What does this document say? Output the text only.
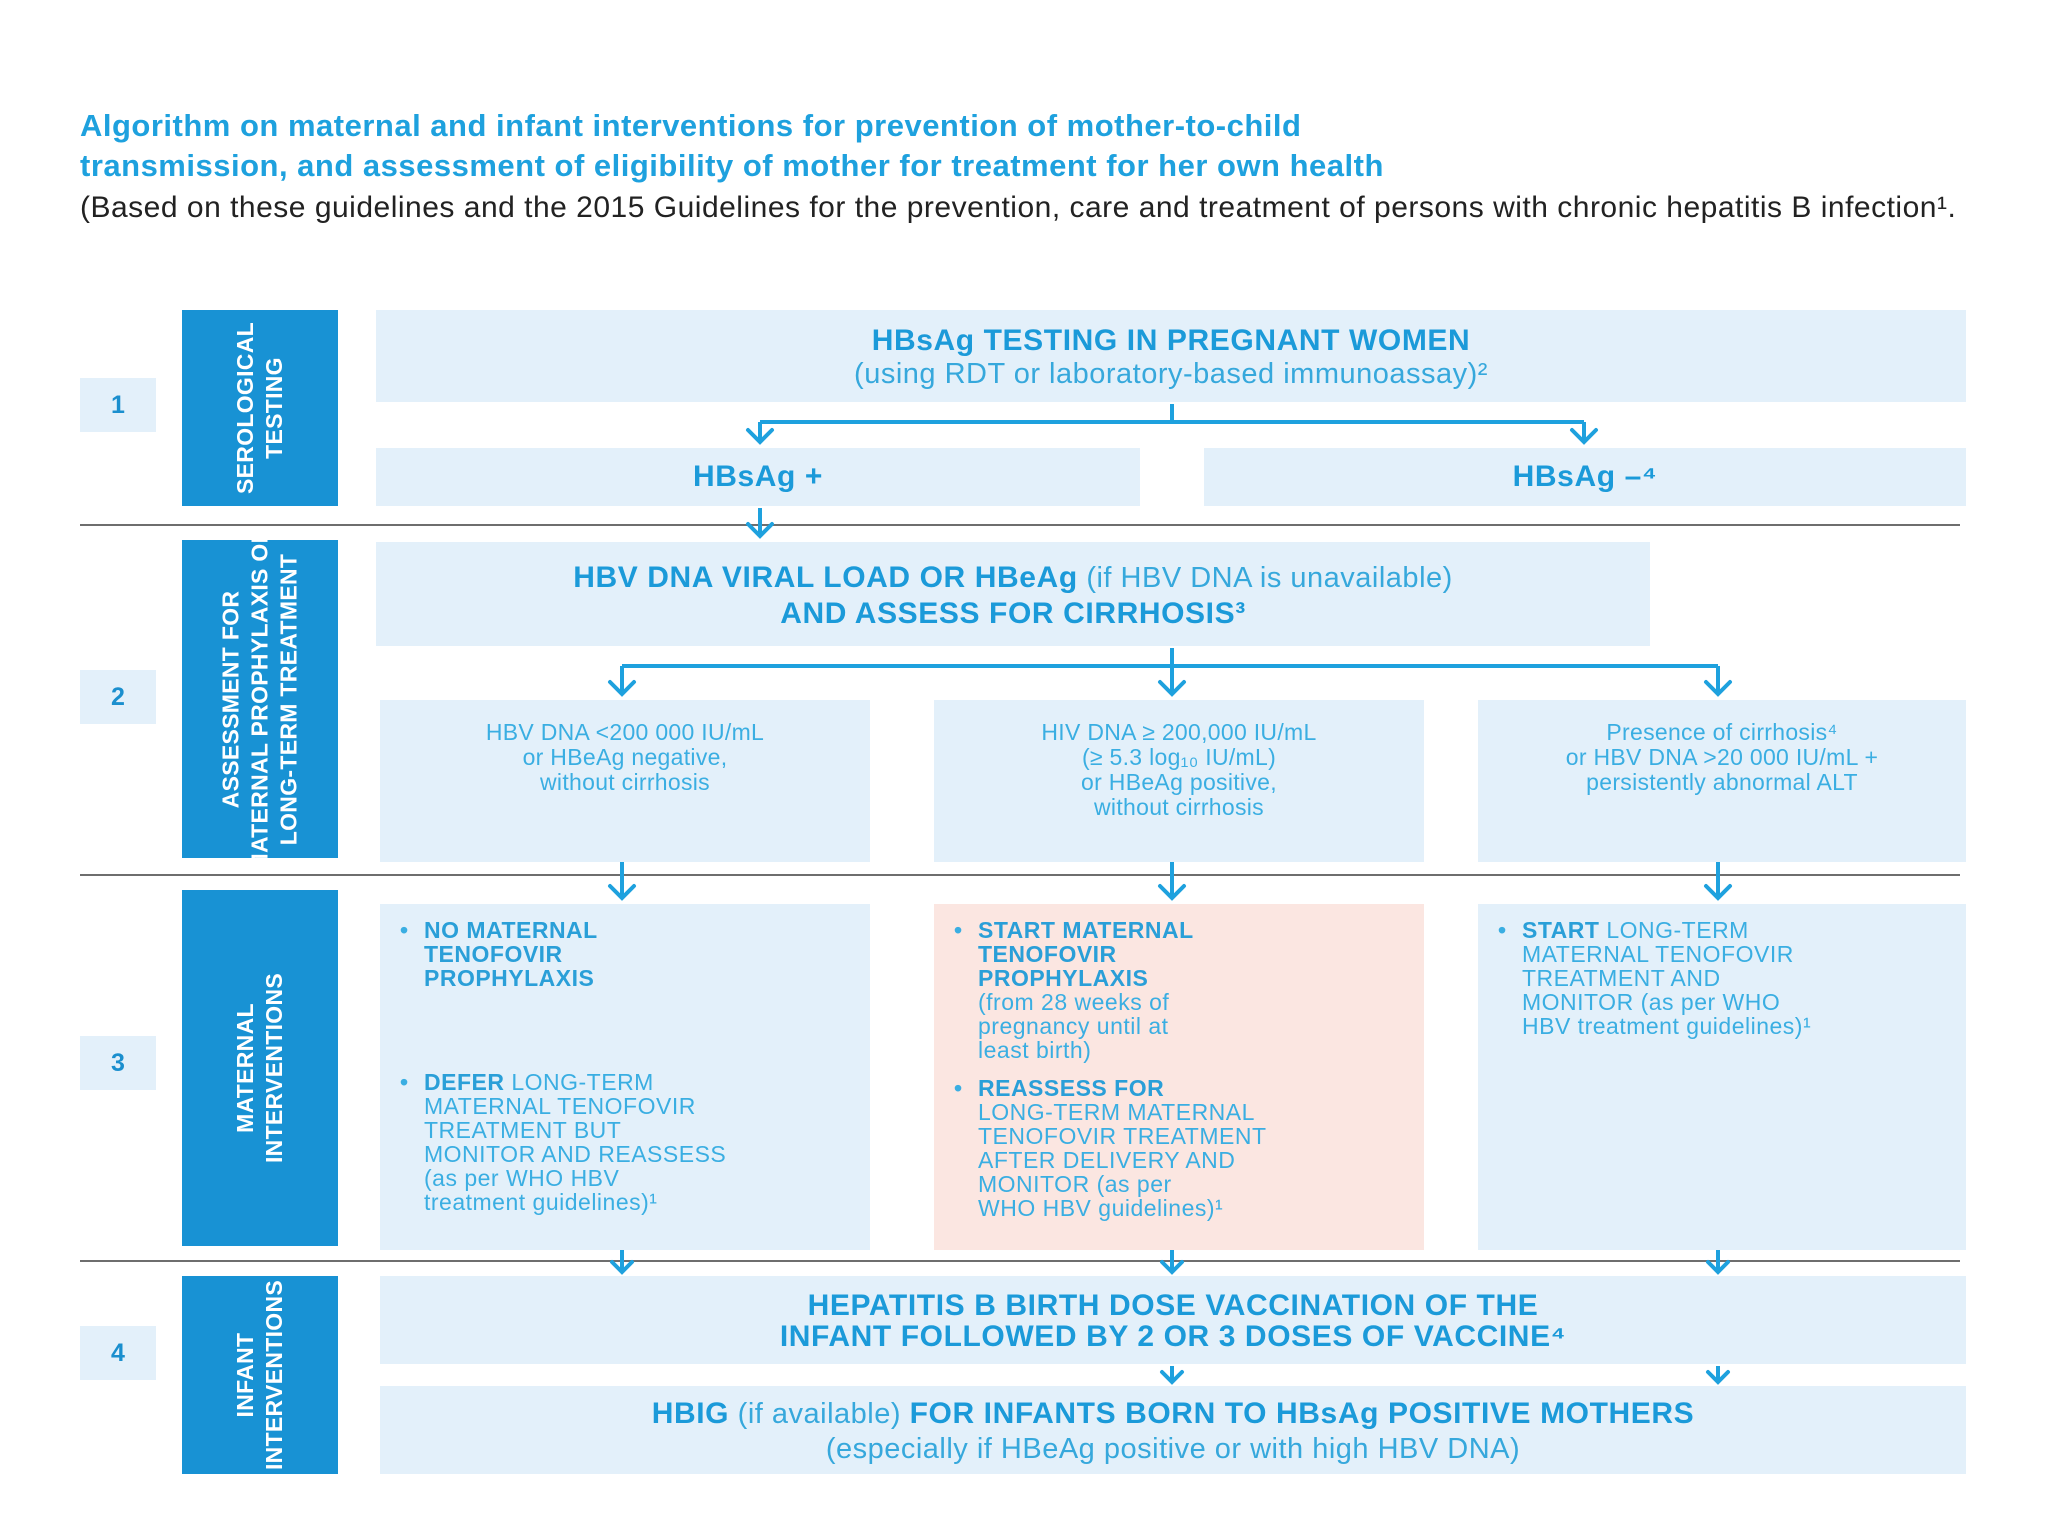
Algorithm on maternal and infant interventions for prevention of mother-to-child
transmission, and assessment of eligibility of mother for treatment for her own health
(Based on these guidelines and the 2015 Guidelines for the prevention, care and treatment of persons with chronic hepatitis B infection¹.
1
2
3
4
SEROLOGICAL TESTING
ASSESSMENT FOR MATERNAL PROPHYLAXIS OR LONG-TERM TREATMENT
MATERNAL INTERVENTIONS
INFANT INTERVENTIONS
HBsAg TESTING IN PREGNANT WOMEN
(using RDT or laboratory-based immunoassay)²
HBsAg +	HBsAg –⁴
HBV DNA VIRAL LOAD OR HBeAg (if HBV DNA is unavailable)
AND ASSESS FOR CIRRHOSIS³
HBV DNA <200 000 IU/mL
or HBeAg negative,
without cirrhosis
HIV DNA ≥ 200,000 IU/mL
(≥ 5.3 log₁₀ IU/mL)
or HBeAg positive,
without cirrhosis
Presence of cirrhosis⁴
or HBV DNA >20 000 IU/mL +
persistently abnormal ALT
• NO MATERNAL
TENOFOVIR
PROPHYLAXIS
• DEFER LONG-TERM
MATERNAL TENOFOVIR
TREATMENT BUT
MONITOR AND REASSESS
(as per WHO HBV
treatment guidelines)¹
• START MATERNAL
TENOFOVIR
PROPHYLAXIS
(from 28 weeks of
pregnancy until at
least birth)
• REASSESS FOR
LONG-TERM MATERNAL
TENOFOVIR TREATMENT
AFTER DELIVERY AND
MONITOR (as per
WHO HBV guidelines)¹
• START LONG-TERM
MATERNAL TENOFOVIR
TREATMENT AND
MONITOR (as per WHO
HBV treatment guidelines)¹
HEPATITIS B BIRTH DOSE VACCINATION OF THE
INFANT FOLLOWED BY 2 OR 3 DOSES OF VACCINE⁴
HBIG (if available) FOR INFANTS BORN TO HBsAg POSITIVE MOTHERS
(especially if HBeAg positive or with high HBV DNA)
